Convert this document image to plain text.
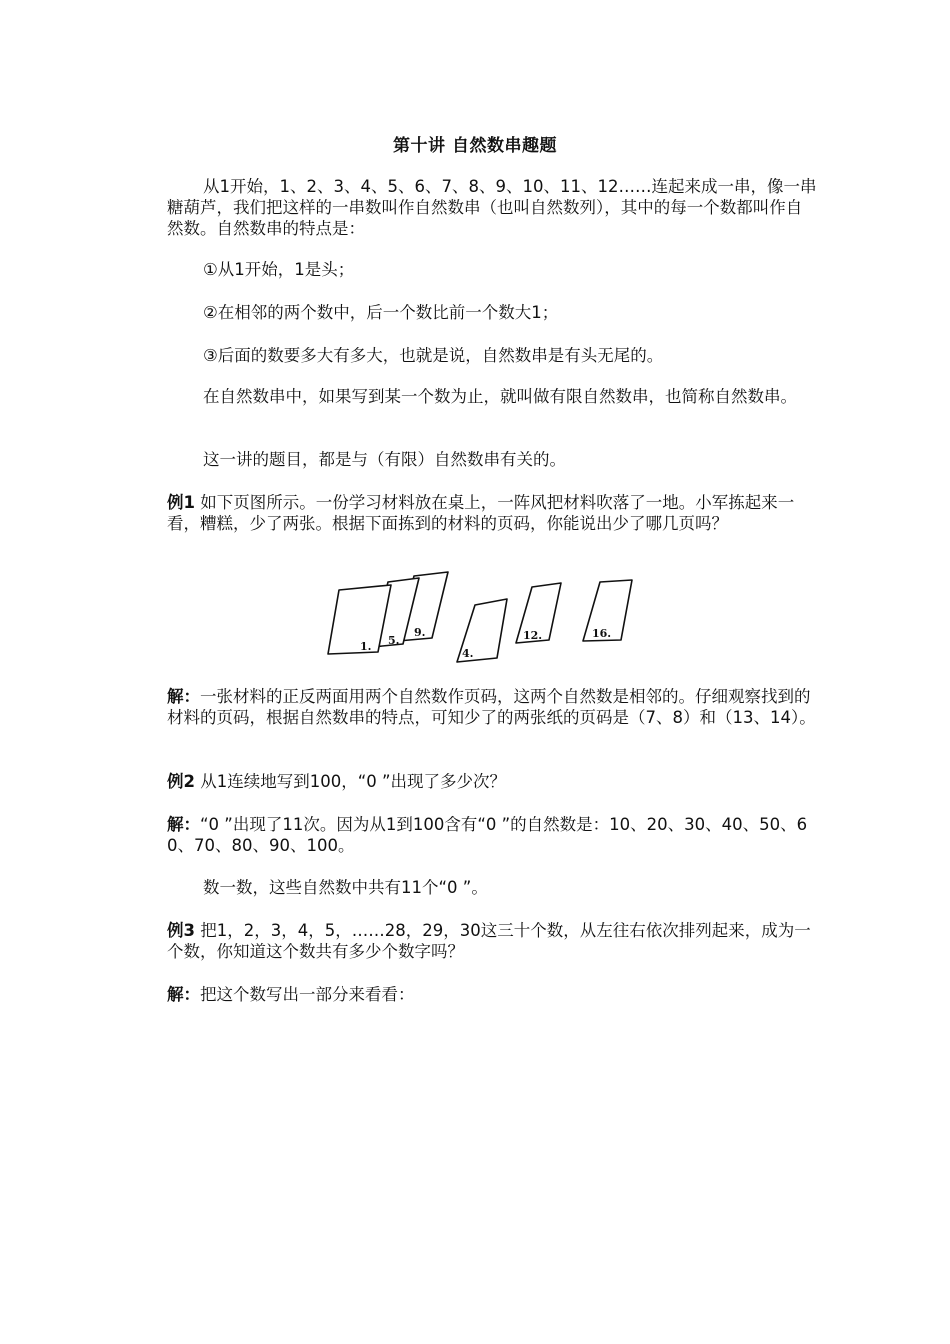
第十讲 自然数串趣题

从1开始，1、2、3、4、5、6、7、8、9、10、11、12……连起来成一串，像一串糖葫芦，我们把这样的一串数叫作自然数串（也叫自然数列），其中的每一个数都叫作自然数。自然数串的特点是：

①从1开始，1是头；

②在相邻的两个数中，后一个数比前一个数大1；

③后面的数要多大有多大，也就是说，自然数串是有头无尾的。

在自然数串中，如果写到某一个数为止，就叫做有限自然数串，也简称自然数串。

这一讲的题目，都是与（有限）自然数串有关的。

例1 如下页图所示。一份学习材料放在桌上，一阵风把材料吹落了一地。小军拣起来一看，糟糕，少了两张。根据下面拣到的材料的页码，你能说出少了哪几页吗？

1. 5.
9.
4.
12.	16.

解：一张材料的正反两面用两个自然数作页码，这两个自然数是相邻的。仔细观察找到的材料的页码，根据自然数串的特点，可知少了的两张纸的页码是（7、8）和（13、14）。

例2 从1连续地写到100，“0 ”出现了多少次？

解：“0 ”出现了11次。因为从1到100含有“0 ”的自然数是：10、20、30、40、50、60、70、80、90、100。

数一数，这些自然数中共有11个“0 ”。

例3 把1，2，3，4，5，……28，29，30这三十个数，从左往右依次排列起来，成为一个数，你知道这个数共有多少个数字吗？

解：把这个数写出一部分来看看：
